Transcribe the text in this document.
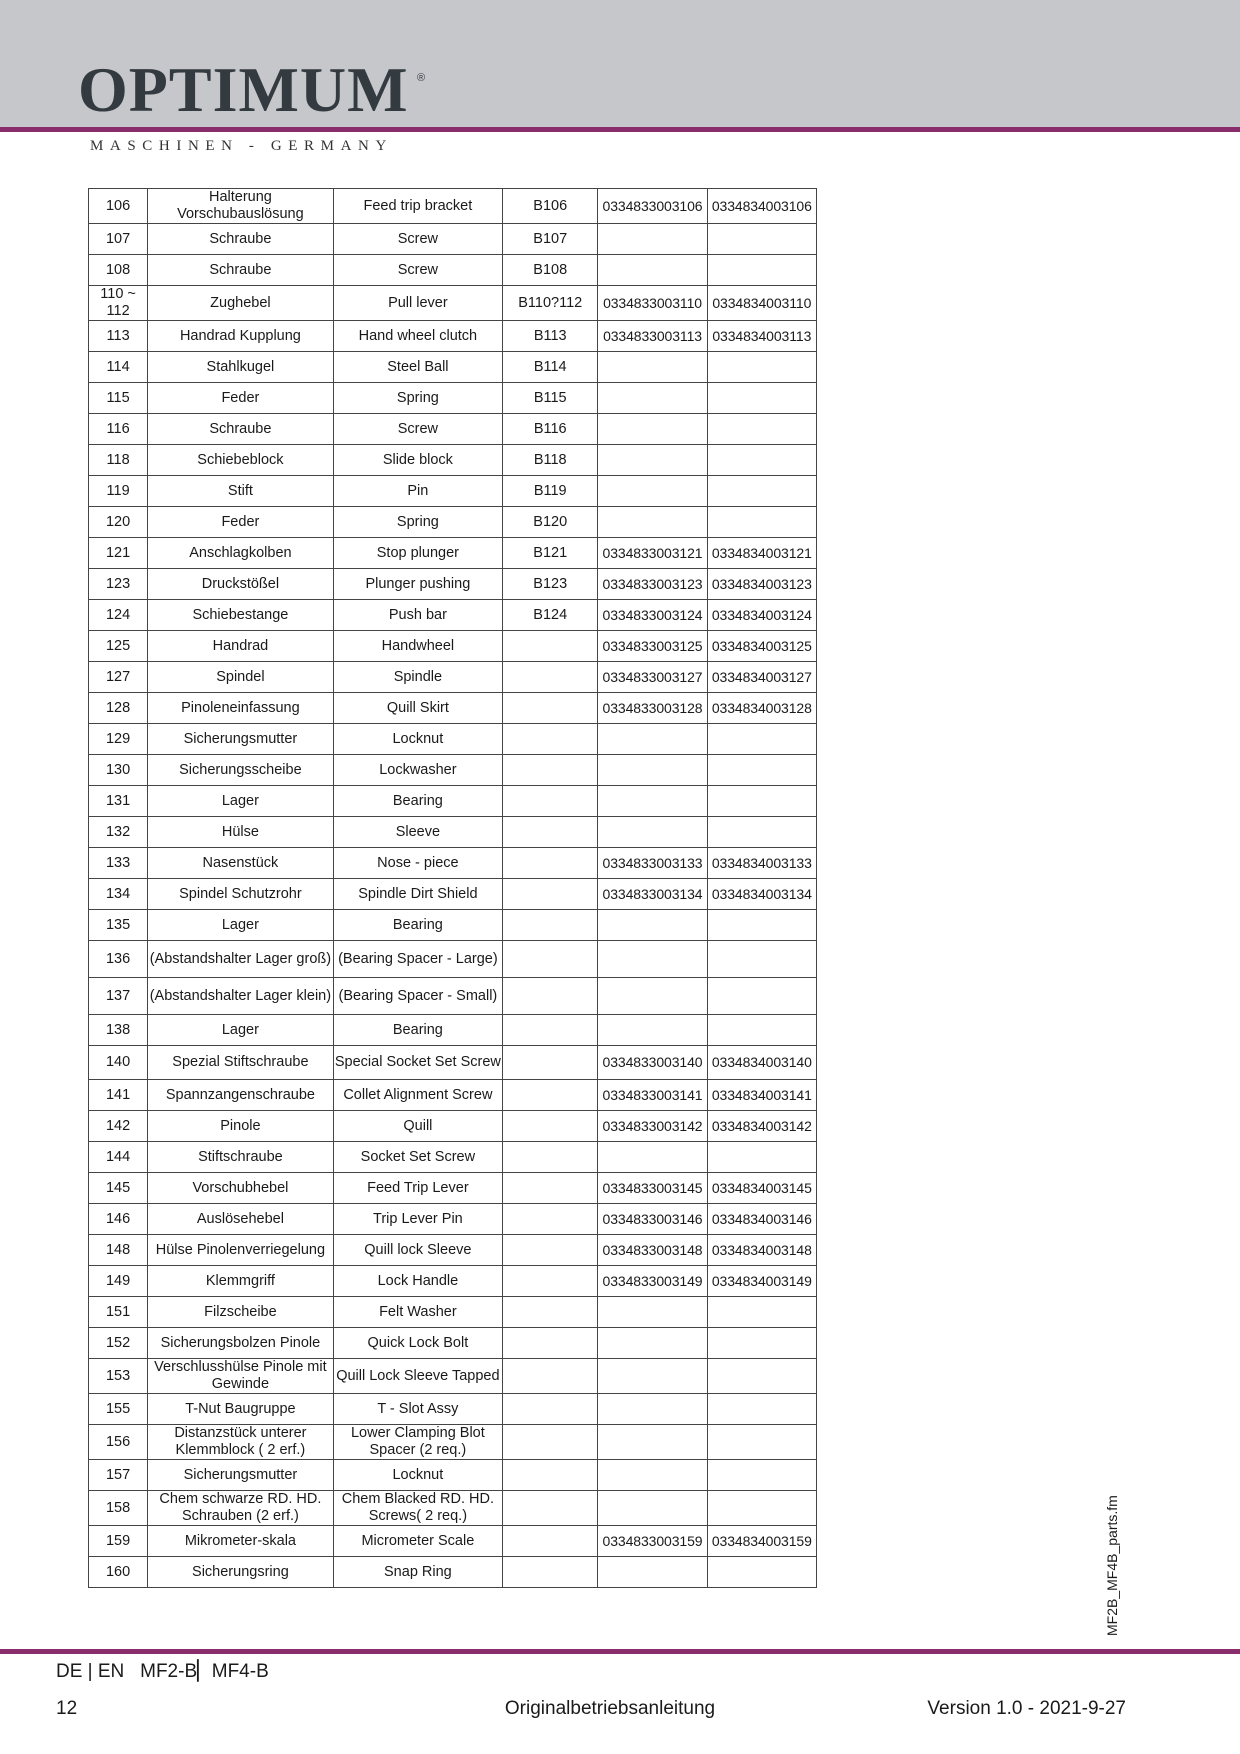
OPTIMUM ®
MASCHINEN - GERMANY
106	Halterung Vorschubauslösung	Feed trip bracket	B106	0334833003106	0334834003106
107	Schraube	Screw	B107		
108	Schraube	Screw	B108		
110 ~ 112	Zughebel	Pull lever	B110?112	0334833003110	0334834003110
113	Handrad Kupplung	Hand wheel clutch	B113	0334833003113	0334834003113
114	Stahlkugel	Steel Ball	B114		
115	Feder	Spring	B115		
116	Schraube	Screw	B116		
118	Schiebeblock	Slide block	B118		
119	Stift	Pin	B119		
120	Feder	Spring	B120		
121	Anschlagkolben	Stop plunger	B121	0334833003121	0334834003121
123	Druckstößel	Plunger pushing	B123	0334833003123	0334834003123
124	Schiebestange	Push bar	B124	0334833003124	0334834003124
125	Handrad	Handwheel		0334833003125	0334834003125
127	Spindel	Spindle		0334833003127	0334834003127
128	Pinoleneinfassung	Quill Skirt		0334833003128	0334834003128
129	Sicherungsmutter	Locknut			
130	Sicherungsscheibe	Lockwasher			
131	Lager	Bearing			
132	Hülse	Sleeve			
133	Nasenstück	Nose - piece		0334833003133	0334834003133
134	Spindel Schutzrohr	Spindle Dirt Shield		0334833003134	0334834003134
135	Lager	Bearing			
136	(Abstandshalter Lager groß)	(Bearing Spacer - Large)			
137	(Abstandshalter Lager klein)	(Bearing Spacer - Small)			
138	Lager	Bearing			
140	Spezial Stiftschraube	Special Socket Set Screw		0334833003140	0334834003140
141	Spannzangenschraube	Collet Alignment Screw		0334833003141	0334834003141
142	Pinole	Quill		0334833003142	0334834003142
144	Stiftschraube	Socket Set Screw			
145	Vorschubhebel	Feed Trip Lever		0334833003145	0334834003145
146	Auslösehebel	Trip Lever Pin		0334833003146	0334834003146
148	Hülse Pinolenverriegelung	Quill lock Sleeve		0334833003148	0334834003148
149	Klemmgriff	Lock Handle		0334833003149	0334834003149
151	Filzscheibe	Felt Washer			
152	Sicherungsbolzen Pinole	Quick Lock Bolt			
153	Verschlusshülse Pinole mit Gewinde	Quill Lock Sleeve Tapped			
155	T-Nut Baugruppe	T - Slot Assy			
156	Distanzstück unterer Klemmblock ( 2 erf.)	Lower Clamping Blot Spacer (2 req.)			
157	Sicherungsmutter	Locknut			
158	Chem schwarze RD. HD. Schrauben (2 erf.)	Chem Blacked RD. HD. Screws( 2 req.)			
159	Mikrometer-skala	Micrometer Scale		0334833003159	0334834003159
160	Sicherungsring	Snap Ring				MF2B_MF4B_parts.fm
DE | EN MF2-B▏MF4-B
12	Originalbetriebsanleitung	Version 1.0 - 2021-9-27
